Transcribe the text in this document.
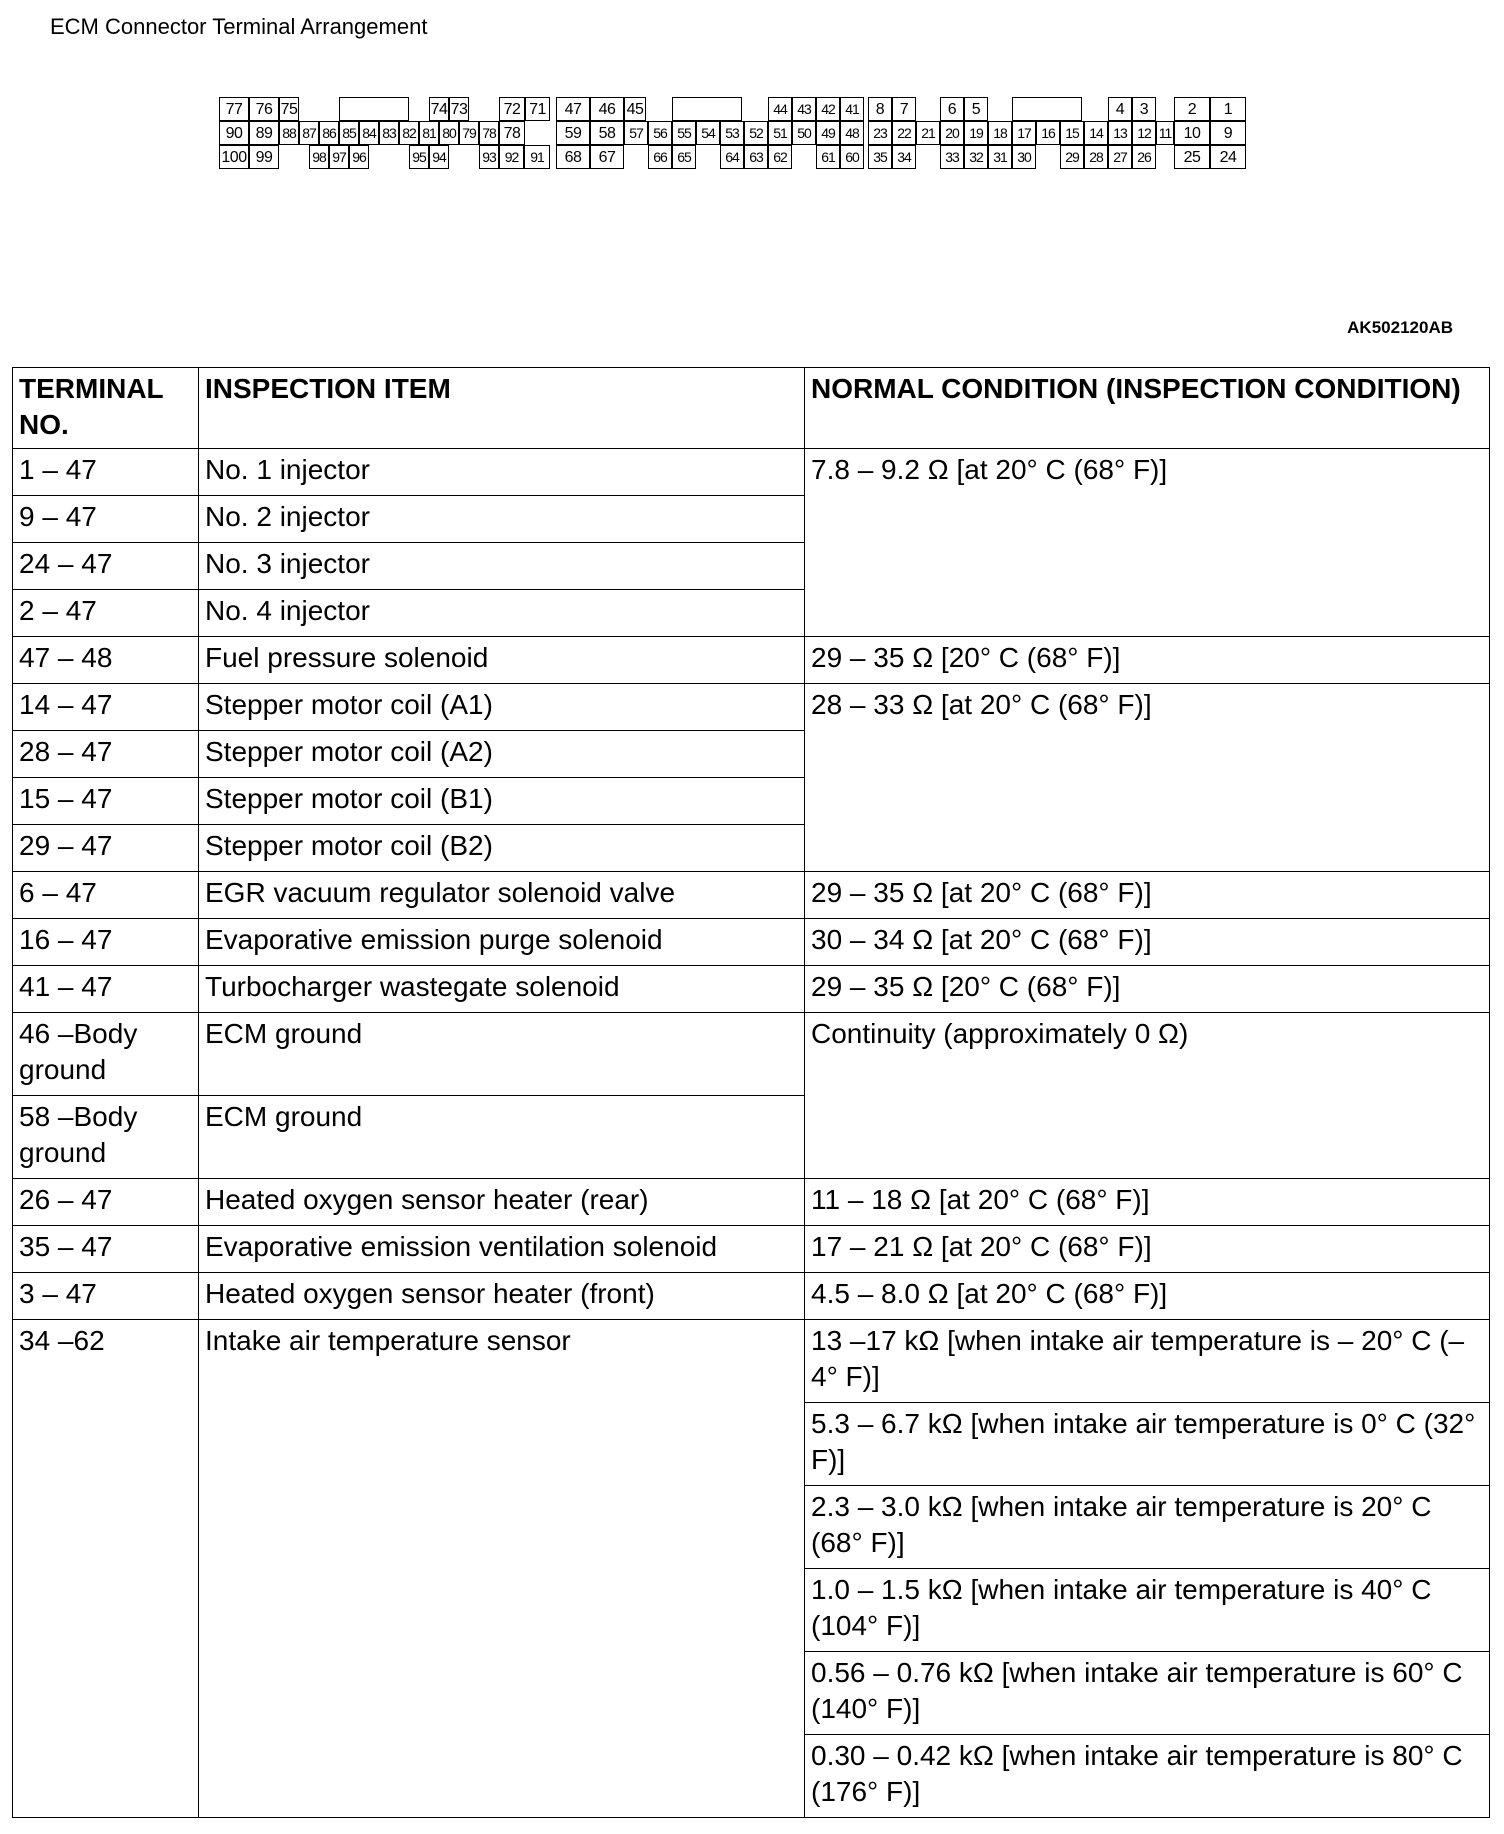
ECM Connector Terminal Arrangement
77 76 75	74 73 72 71
90 89 88 87 86 85 84 83 82 81 80 79 78 78
100 99	98 97 96	95 94	93 92 91
47	46 45	44 43 42 41
59	58 57 56 55 54 53 52 51 50 49 48
68	67	66 65	64 63 62	61 60
8 7	6 5	4 3	2	1
23 22 21 20 19 18 17 16 15 14 13 12 11 10	9
35 34	33 32 31 30	29 28 27 26	25	24
AK502120AB
TERMINAL NO.	INSPECTION ITEM	NORMAL CONDITION (INSPECTION CONDITION)
1 – 47	No. 1 injector	7.8 – 9.2 Ω [at 20° C (68° F)]
9 – 47	No. 2 injector	
24 – 47	No. 3 injector	
2 – 47	No. 4 injector	
47 – 48	Fuel pressure solenoid	29 – 35 Ω [20° C (68° F)]
14 – 47	Stepper motor coil (A1)	28 – 33 Ω [at 20° C (68° F)]
28 – 47	Stepper motor coil (A2)	
15 – 47	Stepper motor coil (B1)	
29 – 47	Stepper motor coil (B2)	
6 – 47	EGR vacuum regulator solenoid valve	29 – 35 Ω [at 20° C (68° F)]
16 – 47	Evaporative emission purge solenoid	30 – 34 Ω [at 20° C (68° F)]
41 – 47	Turbocharger wastegate solenoid	29 – 35 Ω [20° C (68° F)]
46 –Body ground	ECM ground	Continuity (approximately 0 Ω)
58 –Body ground	ECM ground	
26 – 47	Heated oxygen sensor heater (rear)	11 – 18 Ω [at 20° C (68° F)]
35 – 47	Evaporative emission ventilation solenoid	17 – 21 Ω [at 20° C (68° F)]
3 – 47	Heated oxygen sensor heater (front)	4.5 – 8.0 Ω [at 20° C (68° F)]
34 –62	Intake air temperature sensor	13 –17 kΩ [when intake air temperature is – 20° C (– 4° F)]
		5.3 – 6.7 kΩ [when intake air temperature is 0° C (32° F)]
		2.3 – 3.0 kΩ [when intake air temperature is 20° C (68° F)]
		1.0 – 1.5 kΩ [when intake air temperature is 40° C (104° F)]
		0.56 – 0.76 kΩ [when intake air temperature is 60° C (140° F)]
		0.30 – 0.42 kΩ [when intake air temperature is 80° C (176° F)]
